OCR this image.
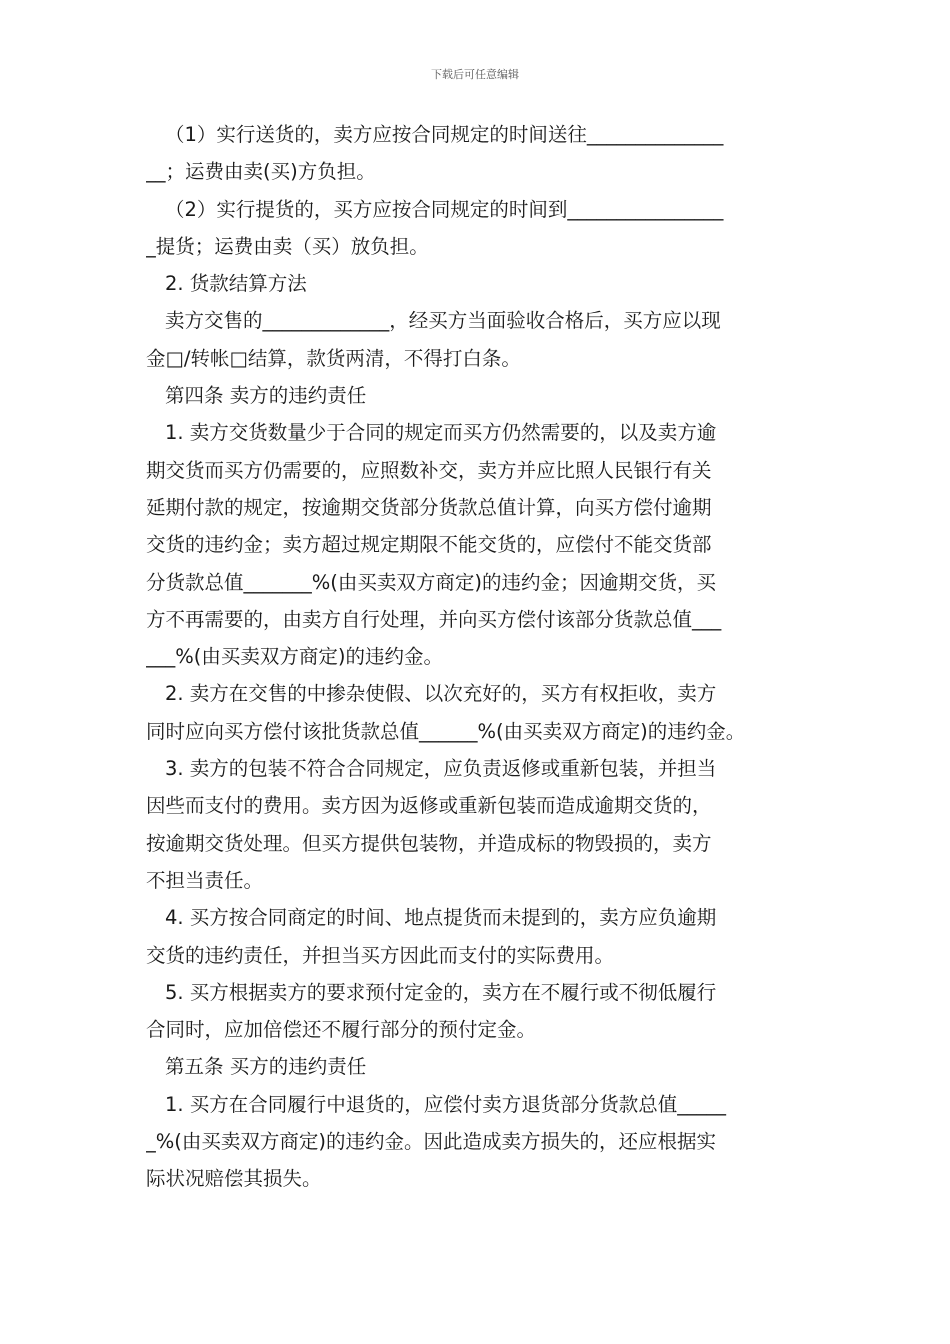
下载后可任意编辑
（1）实行送货的，卖方应按合同规定的时间送往______________
__；运费由卖(买)方负担。
（2）实行提货的，买方应按合同规定的时间到________________
_提货；运费由卖（买）放负担。
2. 货款结算方法
卖方交售的_____________，经买方当面验收合格后，买方应以现
金□/转帐□结算，款货两清，不得打白条。
第四条 卖方的违约责任
1. 卖方交货数量少于合同的规定而买方仍然需要的，以及卖方逾
期交货而买方仍需要的，应照数补交，卖方并应比照人民银行有关
延期付款的规定，按逾期交货部分货款总值计算，向买方偿付逾期
交货的违约金；卖方超过规定期限不能交货的，应偿付不能交货部
分货款总值_______%(由买卖双方商定)的违约金；因逾期交货，买
方不再需要的，由卖方自行处理，并向买方偿付该部分货款总值___
___%(由买卖双方商定)的违约金。
2. 卖方在交售的中掺杂使假、以次充好的，买方有权拒收，卖方
同时应向买方偿付该批货款总值______%(由买卖双方商定)的违约金。
3. 卖方的包装不符合合同规定，应负责返修或重新包装，并担当
因些而支付的费用。卖方因为返修或重新包装而造成逾期交货的，
按逾期交货处理。但买方提供包装物，并造成标的物毁损的，卖方
不担当责任。
4. 买方按合同商定的时间、地点提货而未提到的，卖方应负逾期
交货的违约责任，并担当买方因此而支付的实际费用。
5. 买方根据卖方的要求预付定金的，卖方在不履行或不彻低履行
合同时，应加倍偿还不履行部分的预付定金。
第五条 买方的违约责任
1. 买方在合同履行中退货的，应偿付卖方退货部分货款总值_____
_%(由买卖双方商定)的违约金。因此造成卖方损失的，还应根据实
际状况赔偿其损失。
